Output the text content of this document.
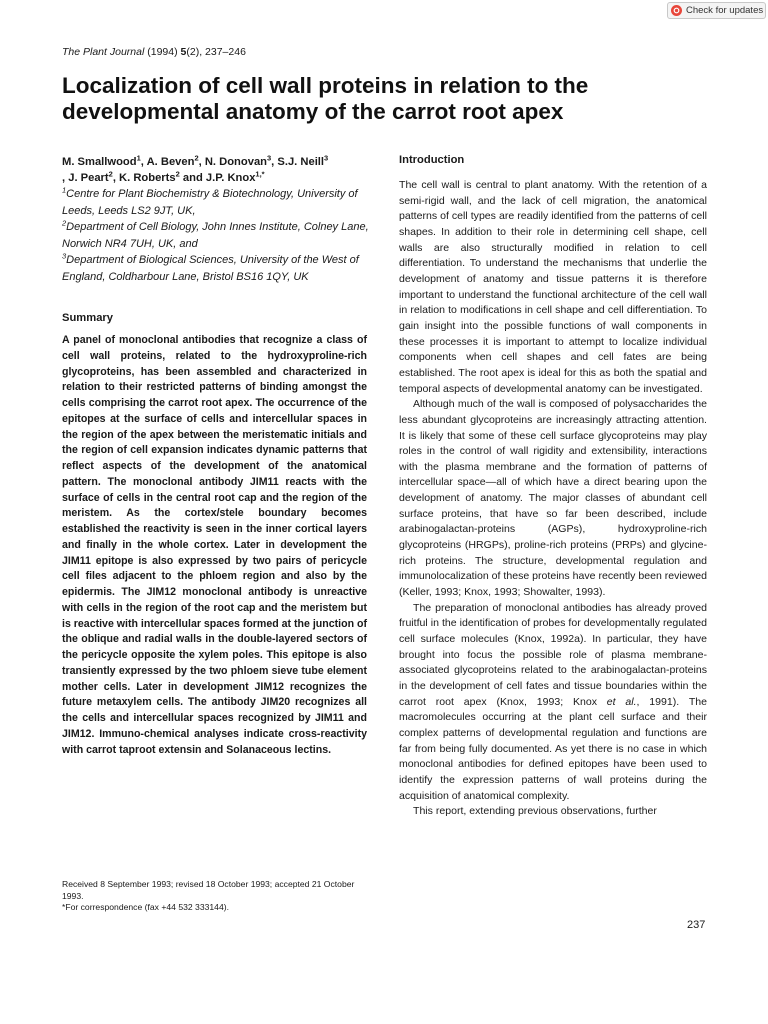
Check for updates
The Plant Journal (1994) 5(2), 237–246
Localization of cell wall proteins in relation to the developmental anatomy of the carrot root apex
M. Smallwood$^1$, A. Beven$^2$, N. Donovan$^3$, S.J. Neill$^3$
, J. Peart$^2$, K. Roberts$^2$ and J.P. Knox$^{1,*}$
$^1$Centre for Plant Biochemistry & Biotechnology, University of Leeds, Leeds LS2 9JT, UK,
$^2$Department of Cell Biology, John Innes Institute, Colney Lane, Norwich NR4 7UH, UK, and
$^3$Department of Biological Sciences, University of the West of England, Coldharbour Lane, Bristol BS16 1QY, UK
Summary

A panel of monoclonal antibodies that recognize a class of cell wall proteins, related to the hydroxyproline-rich glycoproteins, has been assembled and characterized in relation to their restricted patterns of binding amongst the cells comprising the carrot root apex. The occurrence of the epitopes at the surface of cells and intercellular spaces in the region of the apex between the meristematic initials and the region of cell expansion indicates dynamic patterns that reflect aspects of the development of the anatomical pattern. The monoclonal antibody JIM11 reacts with the surface of cells in the central root cap and the region of the meristem. As the cortex/stele boundary becomes established the reactivity is seen in the inner cortical layers and finally in the whole cortex. Later in development the JIM11 epitope is also expressed by two pairs of pericycle cell files adjacent to the phloem region and also by the epidermis. The JIM12 monoclonal antibody is unreactive with cells in the region of the root cap and the meristem but is reactive with intercellular spaces formed at the junction of the oblique and radial walls in the double-layered sectors of the pericycle opposite the xylem poles. This epitope is also transiently expressed by the two phloem sieve tube element mother cells. Later in development JIM12 recognizes the future metaxylem cells. The antibody JIM20 recognizes all the cells and intercellular spaces recognized by JIM11 and JIM12. Immuno-chemical analyses indicate cross-reactivity with carrot taproot extensin and Solanaceous lectins.

Received 8 September 1993; revised 18 October 1993; accepted 21 October 1993.

*For correspondence (fax +44 532 333144).

Introduction

The cell wall is central to plant anatomy. With the retention of a semi-rigid wall, and the lack of cell migration, the anatomical patterns of cell types are readily identified from the patterns of cell shapes. In addition to their role in determining cell shape, cell walls are also structurally modified in relation to cell differentiation. To understand the mechanisms that underlie the development of anatomy and tissue patterns it is therefore important to understand the functional architecture of the cell wall in relation to modifications in cell shape and cell differentiation. To gain insight into the possible functions of wall components in these processes it is important to attempt to localize individual components when cell shapes and cell fates are being established. The root apex is ideal for this as both the spatial and temporal aspects of developmental anatomy can be investigated.

Although much of the wall is composed of polysaccharides the less abundant glycoproteins are increasingly attracting attention. It is likely that some of these cell surface glycoproteins may play roles in the control of wall rigidity and extensibility, interactions with the plasma membrane and the formation of patterns of intercellular space—all of which have a direct bearing upon the development of anatomy. The major classes of abundant cell surface proteins, that have so far been described, include arabinogalactan-proteins (AGPs), hydroxyproline-rich glycoproteins (HRGPs), proline-rich proteins (PRPs) and glycine-rich proteins. The structure, developmental regulation and immunolocalization of these proteins have recently been reviewed (Keller, 1993; Knox, 1993; Showalter, 1993).

The preparation of monoclonal antibodies has already proved fruitful in the identification of probes for developmentally regulated cell surface molecules (Knox, 1992a). In particular, they have brought into focus the possible role of plasma membrane-associated glycoproteins related to the arabinogalactan-proteins in the development of cell fates and tissue boundaries within the carrot root apex (Knox, 1993; Knox et al., 1991). The macromolecules occurring at the plant cell surface and their complex patterns of developmental regulation and functions are far from being fully documented. As yet there is no case in which monoclonal antibodies for defined epitopes have been used to identify the expression patterns of wall proteins during the acquisition of anatomical complexity.

This report, extending previous observations, further

237
